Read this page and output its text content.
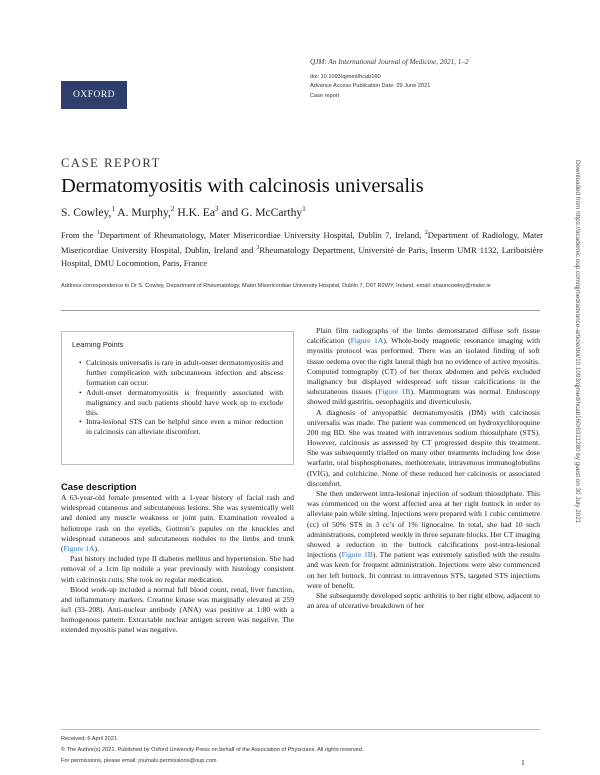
OXFORD
QJM: An International Journal of Medicine, 2021, 1–2
doi: 10.1093/qjmed/hcab160
Advance Access Publication Date: 29 June 2021
Case report
Downloaded from https://academic.oup.com/qjmed/advance-article/doi/10.1093/qjmed/hcab160/6311280 by guest on 30 July 2021
CASE REPORT
Dermatomyositis with calcinosis universalis
S. Cowley,$^1$ A. Murphy,$^2$ H.K. Ea$^3$ and G. McCarthy$^1$
From the $^1$Department of Rheumatology, Mater Misericordiae University Hospital, Dublin 7, Ireland, $^2$Department of Radiology, Mater Misericordiae University Hospital, Dublin, Ireland and $^3$Rheumatology Department, Université de Paris, Inserm UMR 1132, Lariboisière Hospital, DMU Locomotion, Paris, France
Address correspondence to Dr S. Cowley, Department of Rheumatology, Mater Misericordiae University Hospital, Dublin 7, D07 R2WY, Ireland. email: shauncowley@mater.ie
Learning Points
• Calcinosis universalis is rare in adult-onset dermatomyositis and further complication with subcutaneous infection and abscess formation can occur.
• Adult-onset dermatomyositis is frequently associated with malignancy and such patients should have work up to exclude this.
• Intra-lesional STS can be helpful since even a minor reduction in calcinosis can alleviate discomfort.
Case description

A 63-year-old female presented with a 1-year history of facial rash and widespread cutaneous and subcutaneous lesions. She was systemically well and denied any muscle weakness or joint pain. Examination revealed a heliotrope rash on the eyelids, Gottron’s papules on the knuckles and widespread cutaneous and subcutaneous nodules to the limbs and trunk (Figure 1A).

Past history included type II diabetes mellitus and hypertension. She had removal of a 1cm lip nodule a year previously with histology consistent with calcinosis cutis. She took no regular medication.

Blood work-up included a normal full blood count, renal, liver function, and inflammatory markers. Creatine kinase was marginally elevated at 259 iu/l (33–208). Anti-nuclear antibody (ANA) was positive at 1:80 with a homogenous pattern. Extractable nuclear antigen screen was negative. The extended myositis panel was negative.

Plain film radiographs of the limbs demonstrated diffuse soft tissue calcification (Figure 1A). Whole-body magnetic resonance imaging with myositis protocol was performed. There was an isolated finding of soft tissue oedema over the right lateral thigh but no evidence of active myositis. Computed tomography (CT) of her thorax abdomen and pelvis excluded malignancy but displayed widespread soft tissue calcifications in the subcutaneous tissues (Figure 1B). Mammogram was normal. Endoscopy showed mild gastritis, oesophagitis and diverticulosis.

A diagnosis of amyopathic dermatomyositis (DM) with calcinosis universalis was made. The patient was commenced on hydroxychloroquine 200 mg BD. She was treated with intravenous sodium thiosulphate (STS). However, calcinosis as assessed by CT progressed despite this treatment. She was subsequently trialled on many other treatments including low dose warfarin, oral bisphosphonates, methotrexate, intravenous immunoglobulins (IVIG), and colchicine. None of these reduced her calcinosis or associated discomfort.

She then underwent intra-lesional injection of sodium thiosulphate. This was commenced on the worst affected area at her right buttock in order to alleviate pain while sitting. Injections were prepared with 1 cubic centimetre (cc) of 50% STS in 3 cc’s of 1% lignocaine. In total, she had 10 such administrations, completed weekly in three separate blocks. Her CT imaging showed a reduction in the buttock calcifications post-intra-lesional injections (Figure 1B). The patient was extremely satisfied with the results and was keen for frequent administration. Injections were also commenced on her left buttock. In contrast to intravenous STS, targeted STS injections were of benefit.

She subsequently developed septic arthritis to her right elbow, adjacent to an area of ulcerative breakdown of her

Received: 6 April 2021
© The Author(s) 2021. Published by Oxford University Press on behalf of the Association of Physicians. All rights reserved.
For permissions, please email: journals.permissions@oup.com	1
